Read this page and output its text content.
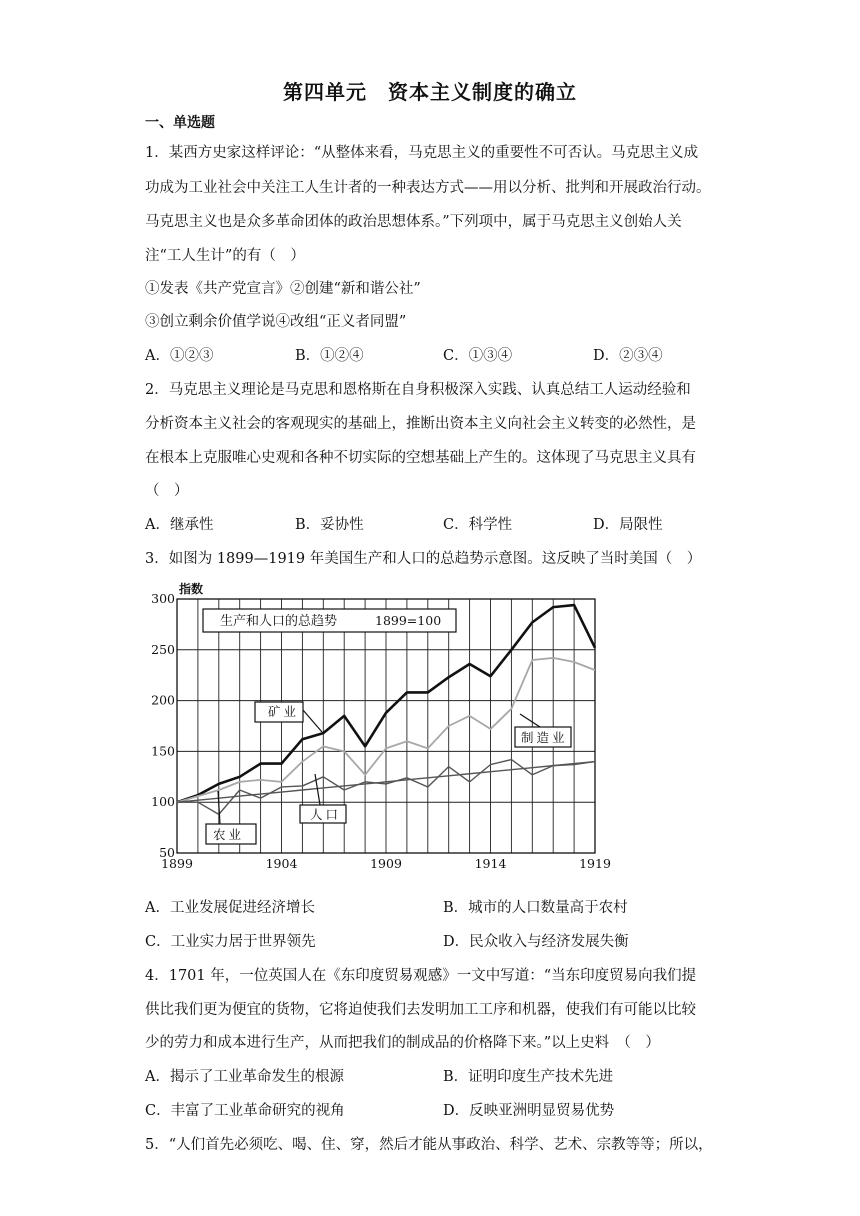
第四单元　资本主义制度的确立
一、单选题
1．某西方史家这样评论：“从整体来看，马克思主义的重要性不可否认。马克思主义成
功成为工业社会中关注工人生计者的一种表达方式——用以分析、批判和开展政治行动。
马克思主义也是众多革命团体的政治思想体系。”下列项中，属于马克思主义创始人关
注“工人生计”的有（　）
①发表《共产党宣言》②创建“新和谐公社”
③创立剩余价值学说④改组“正义者同盟”
A．①②③	B．①②④	C．①③④	D．②③④
2．马克思主义理论是马克思和恩格斯在自身积极深入实践、认真总结工人运动经验和
分析资本主义社会的客观现实的基础上，推断出资本主义向社会主义转变的必然性，是
在根本上克服唯心史观和各种不切实际的空想基础上产生的。这体现了马克思主义具有
（　）
A．继承性	B．妥协性	C．科学性	D．局限性
3．如图为 1899—1919 年美国生产和人口的总趋势示意图。这反映了当时美国（　）
50
100
150
200
250
300
1899	1904	1909	1914	1919
指数
生产和人口的总趋势	1899=100
矿业
制造业
农业
人口
A．工业发展促进经济增长	B．城市的人口数量高于农村
C．工业实力居于世界领先	D．民众收入与经济发展失衡
4．1701 年，一位英国人在《东印度贸易观感》一文中写道：“当东印度贸易向我们提
供比我们更为便宜的货物，它将迫使我们去发明加工工序和机器，使我们有可能以比较
少的劳力和成本进行生产，从而把我们的制成品的价格降下来。”以上史料　（　）
A．揭示了工业革命发生的根源	B．证明印度生产技术先进
C．丰富了工业革命研究的视角	D．反映亚洲明显贸易优势
5．“人们首先必须吃、喝、住、穿，然后才能从事政治、科学、艺术、宗教等等；所以，
